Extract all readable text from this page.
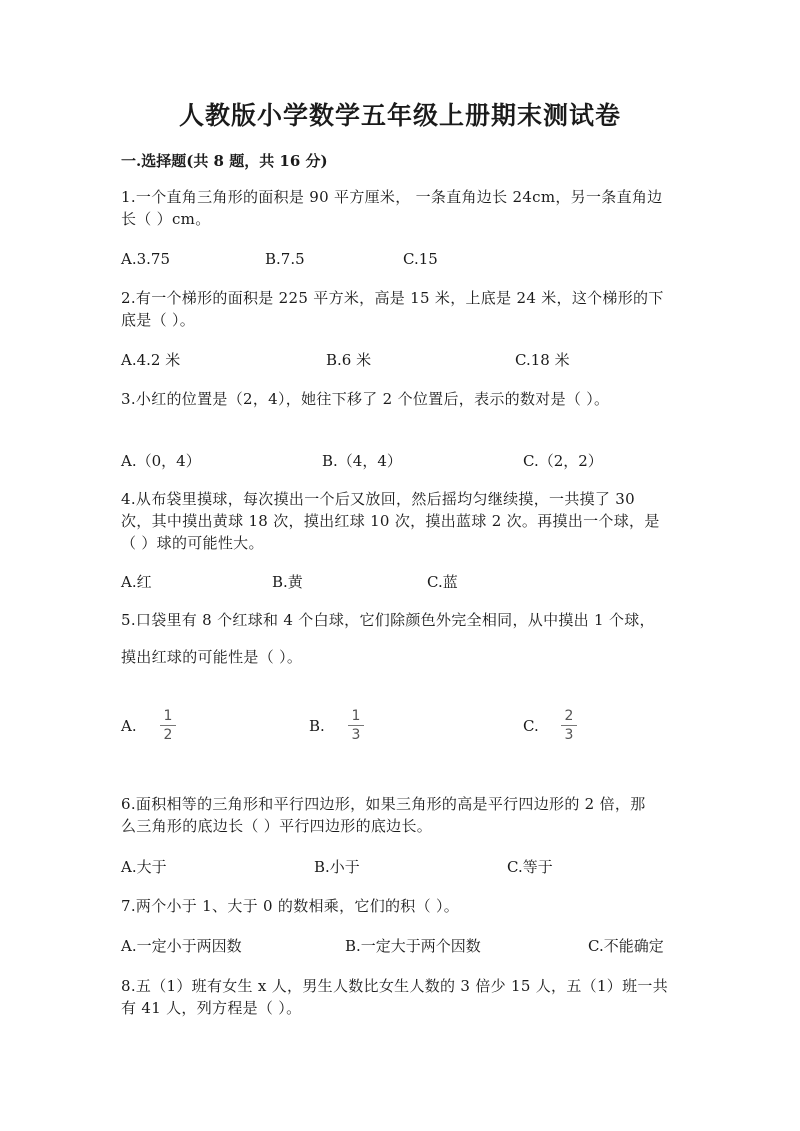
人教版小学数学五年级上册期末测试卷
一.选择题(共 8 题，共 16 分)
1.一个直角三角形的面积是 90 平方厘米， 一条直角边长 24cm，另一条直角边
长（ ）cm。
A.3.75	B.7.5	C.15
2.有一个梯形的面积是 225 平方米，高是 15 米，上底是 24 米，这个梯形的下
底是（ ）。
A.4.2 米	B.6 米	C.18 米
3.小红的位置是（2，4），她往下移了 2 个位置后，表示的数对是（ ）。
A.（0，4）	B.（4，4）	C.（2，2）
4.从布袋里摸球，每次摸出一个后又放回，然后摇均匀继续摸，一共摸了 30
次，其中摸出黄球 18 次，摸出红球 10 次，摸出蓝球 2 次。再摸出一个球，是
（ ）球的可能性大。
A.红	B.黄	C.蓝
5.口袋里有 8 个红球和 4 个白球，它们除颜色外完全相同，从中摸出 1 个球，
摸出红球的可能性是（ ）。
A.
1
2	B.
1
3	C.
2
3
6.面积相等的三角形和平行四边形，如果三角形的高是平行四边形的 2 倍，那
么三角形的底边长（ ）平行四边形的底边长。
A.大于	B.小于	C.等于
7.两个小于 1、大于 0 的数相乘，它们的积（ ）。
A.一定小于两因数	B.一定大于两个因数	C.不能确定
8.五（1）班有女生 x 人，男生人数比女生人数的 3 倍少 15 人，五（1）班一共
有 41 人，列方程是（ ）。
